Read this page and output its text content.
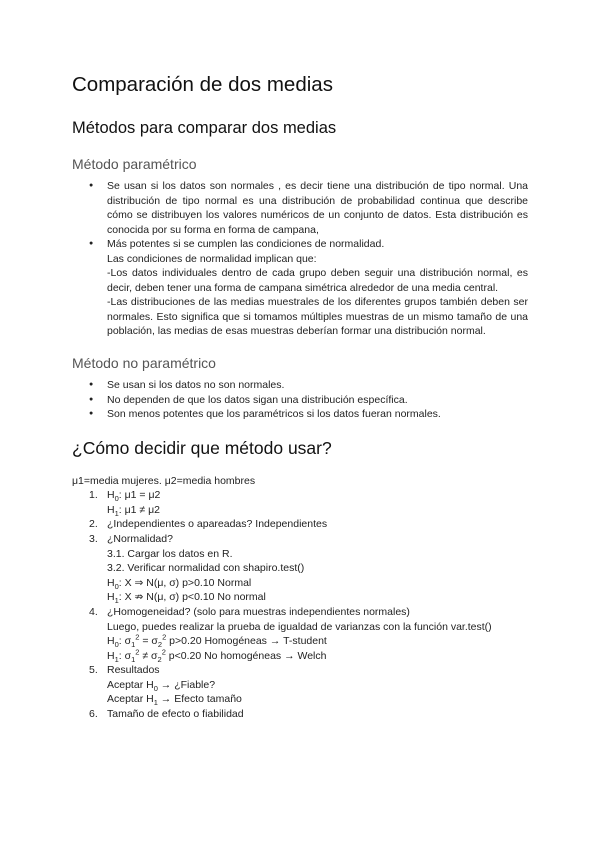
Comparación de dos medias
Métodos para comparar dos medias
Método paramétrico
● Se usan si los datos son normales , es decir tiene una distribución de tipo normal. Una distribución de tipo normal es una distribución de probabilidad continua que describe cómo se distribuyen los valores numéricos de un conjunto de datos. Esta distribución es conocida por su forma en forma de campana,
● Más potentes si se cumplen las condiciones de normalidad.
Las condiciones de normalidad implican que:
-Los datos individuales dentro de cada grupo deben seguir una distribución normal, es decir, deben tener una forma de campana simétrica alrededor de una media central.
-Las distribuciones de las medias muestrales de los diferentes grupos también deben ser normales. Esto significa que si tomamos múltiples muestras de un mismo tamaño de una población, las medias de esas muestras deberían formar una distribución normal.
Método no paramétrico
● Se usan si los datos no son normales.
● No dependen de que los datos sigan una distribución específica.
● Son menos potentes que los paramétricos si los datos fueran normales.
¿Cómo decidir que método usar?

μ1=media mujeres. μ2=media hombres

1. $H_0$: μ1 = μ2
$H_1$: μ1 ≠ μ2
2. ¿Independientes o apareadas? Independientes
3. ¿Normalidad?
3.1. Cargar los datos en R.
3.2. Verificar normalidad con shapiro.test()
$H_0$: X ⇒ N(μ, σ) p>0.10 Normal
$H_1$: X ⇏ N(μ, σ) p<0.10 No normal
4. ¿Homogeneidad? (solo para muestras independientes normales)
Luego, puedes realizar la prueba de igualdad de varianzas con la función var.test()
$H_0$: $\sigma_1^2 = \sigma_2^2$ p>0.20 Homogéneas → T-student
$H_1$: $\sigma_1^2 \ne \sigma_2^2$ p<0.20 No homogéneas → Welch
5. Resultados
Aceptar $H_0$ → ¿Fiable?
Aceptar $H_1$ → Efecto tamaño
6. Tamaño de efecto o fiabilidad
